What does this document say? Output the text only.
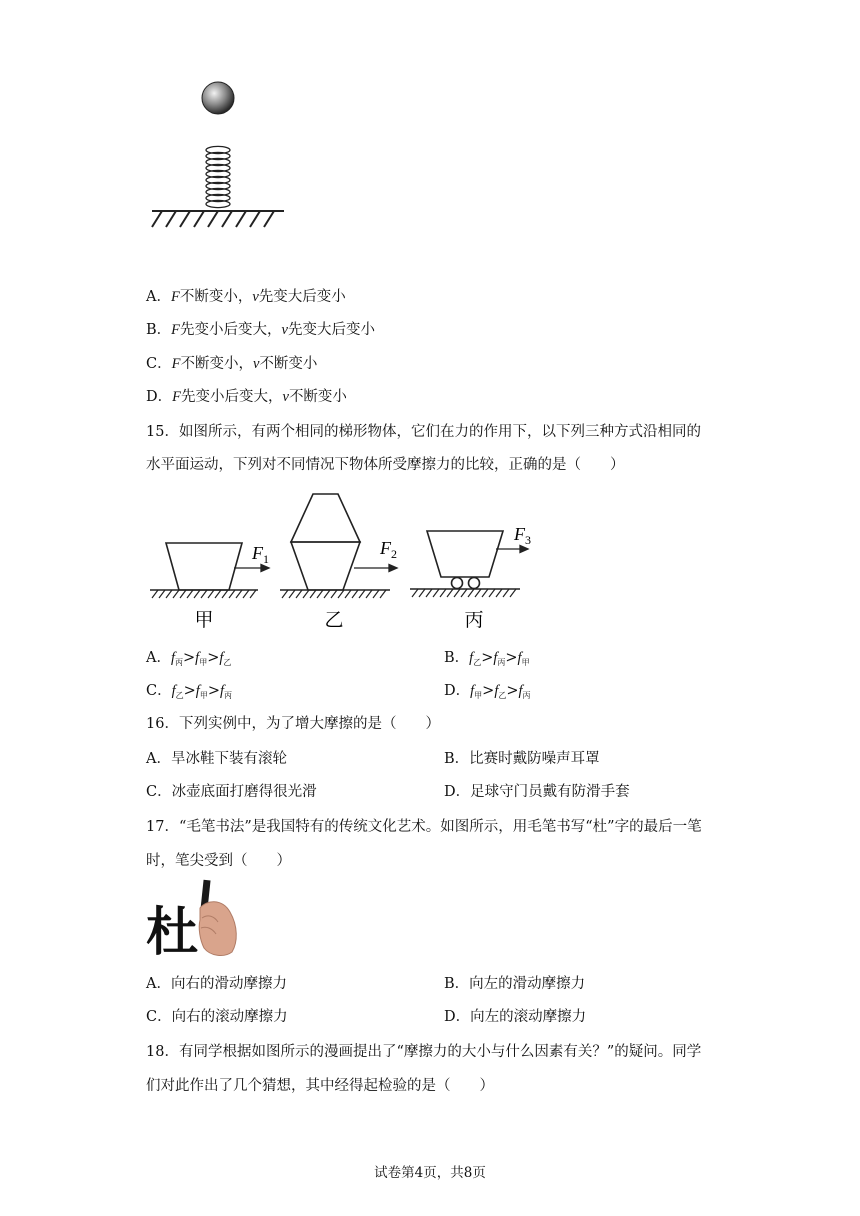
A．F不断变小，v先变大后变小
B．F先变小后变大，v先变大后变小
C．F不断变小，v不断变小
D．F先变小后变大，v不断变小
15．如图所示，有两个相同的梯形物体，它们在力的作用下，以下列三种方式沿相同的
水平面运动，下列对不同情况下物体所受摩擦力的比较，正确的是（　　）
$F_1$
$F_2$
$F_3$
甲	乙	丙
A．$f_丙>f_甲>f_乙$	B．$f_乙>f_丙>f_甲$
C．$f_乙>f_甲>f_丙$	D．$f_甲>f_乙>f_丙$
16．下列实例中，为了增大摩擦的是（　　）
A．旱冰鞋下装有滚轮	B．比赛时戴防噪声耳罩
C．冰壶底面打磨得很光滑	D．足球守门员戴有防滑手套
17．“毛笔书法”是我国特有的传统文化艺术。如图所示，用毛笔书写“杜”字的最后一笔
时，笔尖受到（　　）
杜
A．向右的滑动摩擦力	B．向左的滑动摩擦力
C．向右的滚动摩擦力	D．向左的滚动摩擦力
18．有同学根据如图所示的漫画提出了“摩擦力的大小与什么因素有关？”的疑问。同学
们对此作出了几个猜想，其中经得起检验的是（　　）
试卷第4页，共8页
